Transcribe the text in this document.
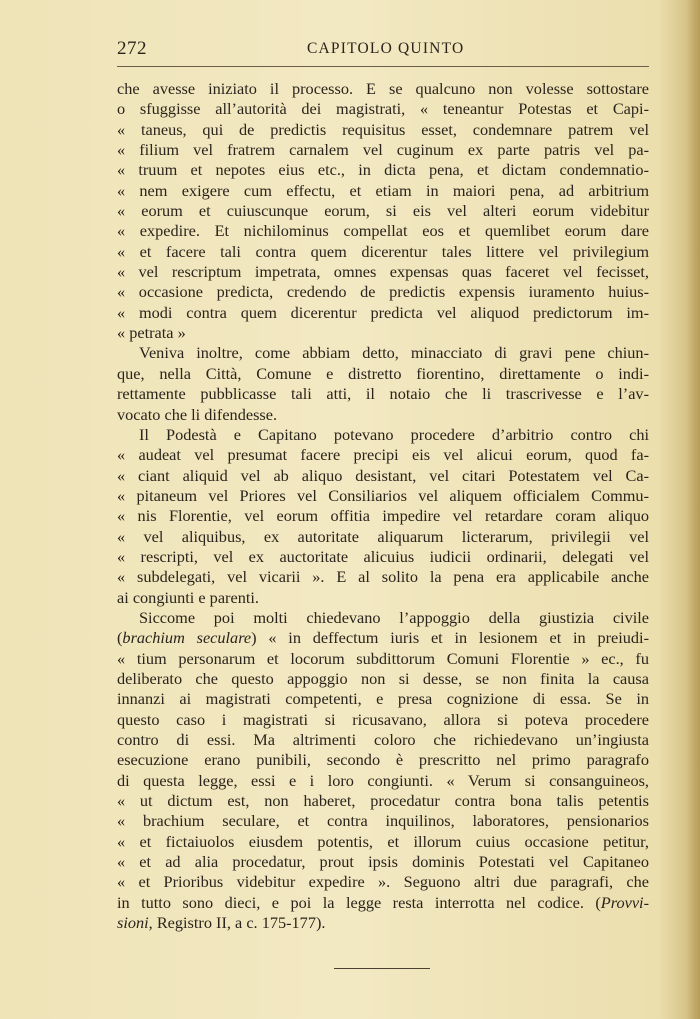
272	CAPITOLO QUINTO
che avesse iniziato il processo. E se qualcuno non volesse sottostare
o sfuggisse all’autorità dei magistrati, « teneantur Potestas et Capi-
« taneus, qui de predictis requisitus esset, condemnare patrem vel
« filium vel fratrem carnalem vel cuginum ex parte patris vel pa-
« truum et nepotes eius etc., in dicta pena, et dictam condemnatio-
« nem exigere cum effectu, et etiam in maiori pena, ad arbitrium
« eorum et cuiuscunque eorum, si eis vel alteri eorum videbitur
« expedire. Et nichilominus compellat eos et quemlibet eorum dare
« et facere tali contra quem dicerentur tales littere vel privilegium
« vel rescriptum impetrata, omnes expensas quas faceret vel fecisset,
« occasione predicta, credendo de predictis expensis iuramento huius-
« modi contra quem dicerentur predicta vel aliquod predictorum im-
« petrata »
Veniva inoltre, come abbiam detto, minacciato di gravi pene chiun-
que, nella Città, Comune e distretto fiorentino, direttamente o indi-
rettamente pubblicasse tali atti, il notaio che li trascrivesse e l’av-
vocato che li difendesse.
Il Podestà e Capitano potevano procedere d’arbitrio contro chi
« audeat vel presumat facere precipi eis vel alicui eorum, quod fa-
« ciant aliquid vel ab aliquo desistant, vel citari Potestatem vel Ca-
« pitaneum vel Priores vel Consiliarios vel aliquem officialem Commu-
« nis Florentie, vel eorum offitia impedire vel retardare coram aliquo
« vel aliquibus, ex autoritate aliquarum licterarum, privilegii vel
« rescripti, vel ex auctoritate alicuius iudicii ordinarii, delegati vel
« subdelegati, vel vicarii ». E al solito la pena era applicabile anche
ai congiunti e parenti.
Siccome poi molti chiedevano l’appoggio della giustizia civile
(brachium seculare) « in deffectum iuris et in lesionem et in preiudi-
« tium personarum et locorum subdittorum Comuni Florentie » ec., fu
deliberato che questo appoggio non si desse, se non finita la causa
innanzi ai magistrati competenti, e presa cognizione di essa. Se in
questo caso i magistrati si ricusavano, allora si poteva procedere
contro di essi. Ma altrimenti coloro che richiedevano un’ingiusta
esecuzione erano punibili, secondo è prescritto nel primo paragrafo
di questa legge, essi e i loro congiunti. « Verum si consanguineos,
« ut dictum est, non haberet, procedatur contra bona talis petentis
« brachium seculare, et contra inquilinos, laboratores, pensionarios
« et fictaiuolos eiusdem potentis, et illorum cuius occasione petitur,
« et ad alia procedatur, prout ipsis dominis Potestati vel Capitaneo
« et Prioribus videbitur expedire ». Seguono altri due paragrafi, che
in tutto sono dieci, e poi la legge resta interrotta nel codice. (Provvi-
sioni, Registro II, a c. 175-177).
